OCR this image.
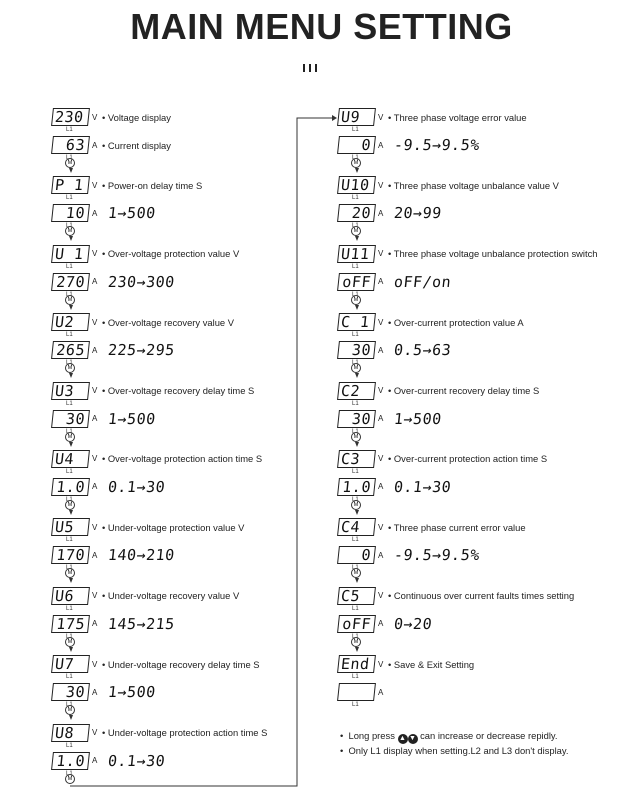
MAIN MENU SETTING
230 V • Voltage display
L1
63 A • Current display
M
P 1 V • Power-on delay time S
L1
10 A 1→500
M
U 1 V • Over-voltage protection value V
L1
270 A 230→300
M
U2	V • Over-voltage recovery value V
L1
265 A 225→295
M
U3	V • Over-voltage recovery delay time S
L1
30 A 1→500
M
U4	V • Over-voltage protection action time S
L1
1.0 A 0.1→30
M
U5	V • Under-voltage protection value V
L1
170 A 140→210
M
U6	V • Under-voltage recovery value V
L1
175 A 145→215
M
U7	V • Under-voltage recovery delay time S
L1
30 A 1→500
M
U8	V • Under-voltage protection action time S
L1
1.0 A 0.1→30
M
U9	V • Three phase voltage error value
L1
0 A -9.5→9.5%
M
U10 V • Three phase voltage unbalance value V
L1
20 A 20→99
M
U11 V • Three phase voltage unbalance protection switch
L1
oFF A oFF/on
M
C 1 V • Over-current protection value A
L1
30 A 0.5→63
M
C2	V • Over-current recovery delay time S
L1
30 A 1→500
M
C3	V • Over-current protection action time S
L1
1.0 A 0.1→30
M
C4	V • Three phase current error value
L1
0 A -9.5→9.5%
M
C5	V • Continuous over current faults times setting
L1
oFF A 0→20
M
End V • Save & Exit Setting
L1
A
L1
•  Long press ▲ ▼ can increase or decrease repidly.
•  Only L1 display when setting.L2 and L3 don't display.
